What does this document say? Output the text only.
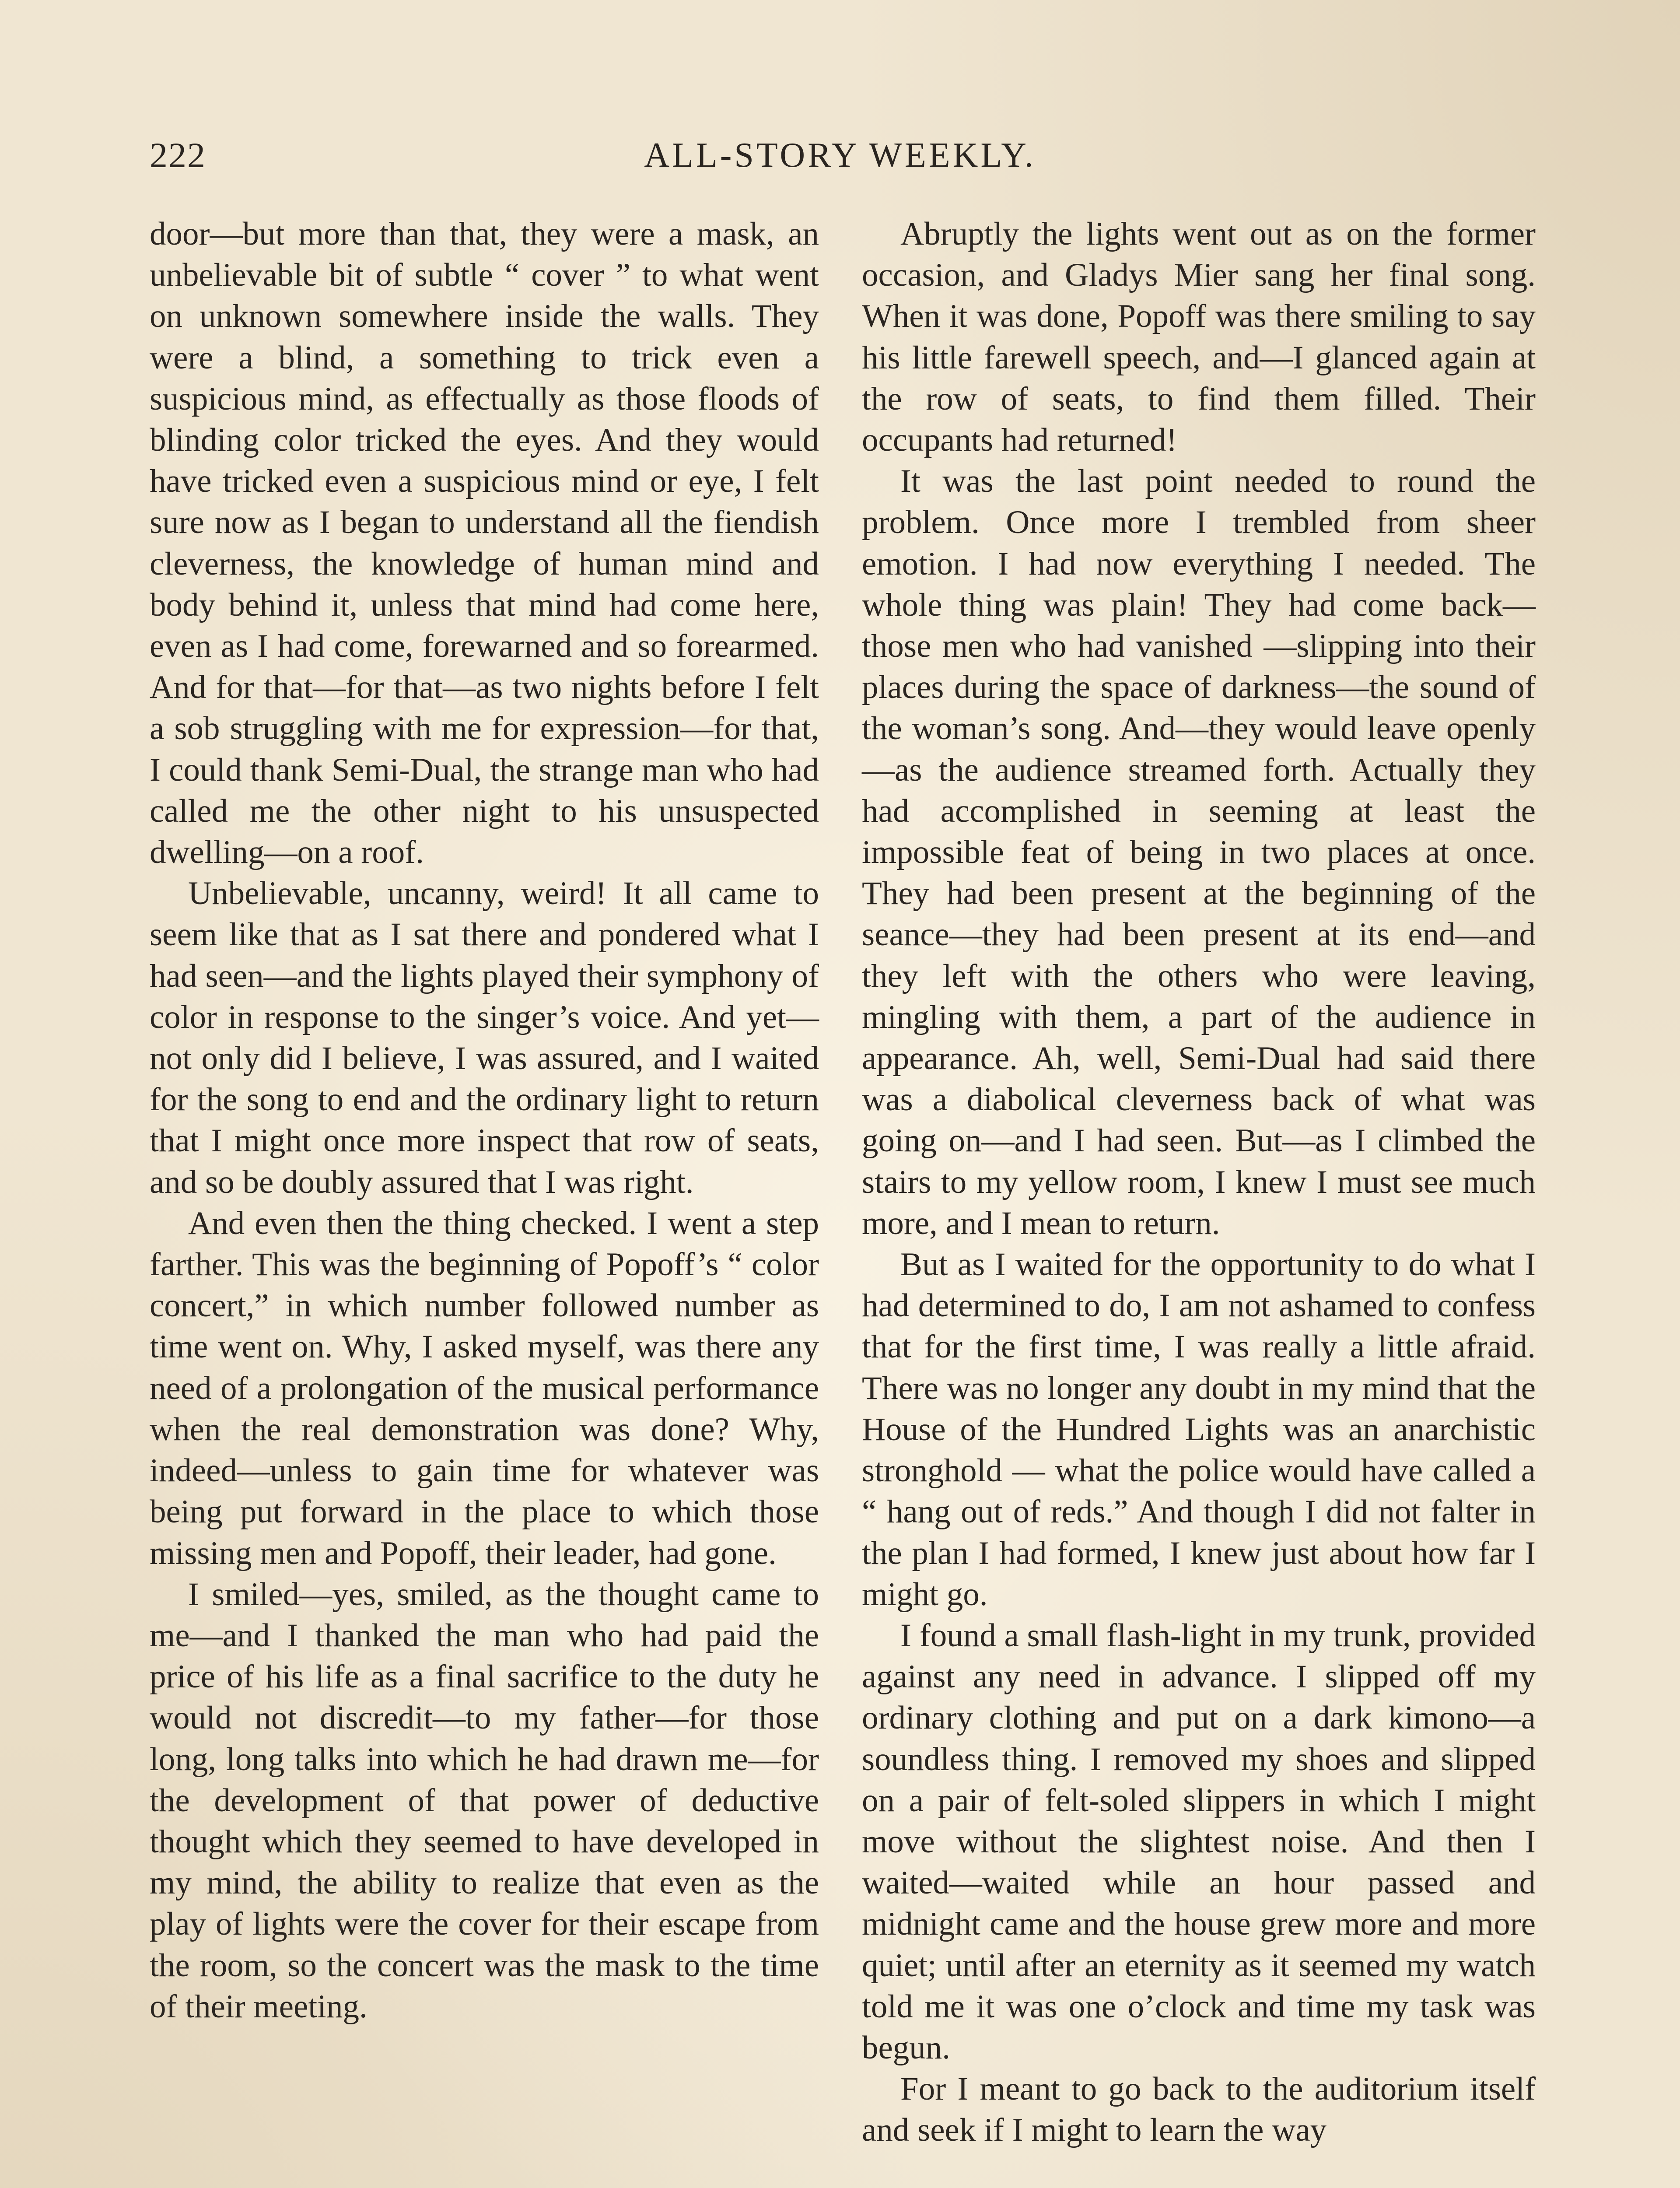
222	ALL-STORY WEEKLY.

door—but more than that, they were a mask, an unbelievable bit of subtle “ cover ” to what went on unknown somewhere inside the walls. They were a blind, a something to trick even a suspicious mind, as effectually as those floods of blinding color tricked the eyes. And they would have tricked even a suspicious mind or eye, I felt sure now as I began to understand all the fiendish cleverness, the knowledge of human mind and body behind it, unless that mind had come here, even as I had come, forewarned and so forearmed. And for that—for that—as two nights before I felt a sob struggling with me for expression—for that, I could thank Semi-Dual, the strange man who had called me the other night to his unsuspected dwelling—on a roof.

Unbelievable, uncanny, weird! It all came to seem like that as I sat there and pondered what I had seen—and the lights played their symphony of color in response to the singer’s voice. And yet—not only did I believe, I was assured, and I waited for the song to end and the ordinary light to return that I might once more inspect that row of seats, and so be doubly assured that I was right.

And even then the thing checked. I went a step farther. This was the beginning of Popoff’s “ color concert,” in which number followed number as time went on. Why, I asked myself, was there any need of a prolongation of the musical performance when the real demonstration was done? Why, indeed—unless to gain time for whatever was being put forward in the place to which those missing men and Popoff, their leader, had gone.

I smiled—yes, smiled, as the thought came to me—and I thanked the man who had paid the price of his life as a final sacrifice to the duty he would not discredit—to my father—for those long, long talks into which he had drawn me—for the development of that power of deductive thought which they seemed to have developed in my mind, the ability to realize that even as the play of lights were the cover for their escape from the room, so the concert was the mask to the time of their meeting.

Abruptly the lights went out as on the former occasion, and Gladys Mier sang her final song. When it was done, Popoff was there smiling to say his little farewell speech, and—I glanced again at the row of seats, to find them filled. Their occupants had returned!

It was the last point needed to round the problem. Once more I trembled from sheer emotion. I had now everything I needed. The whole thing was plain! They had come back—those men who had vanished —slipping into their places during the space of darkness—the sound of the woman’s song. And—they would leave openly—as the audience streamed forth. Actually they had accomplished in seeming at least the impossible feat of being in two places at once. They had been present at the beginning of the seance—they had been present at its end—and they left with the others who were leaving, mingling with them, a part of the audience in appearance. Ah, well, Semi-Dual had said there was a diabolical cleverness back of what was going on—and I had seen. But—as I climbed the stairs to my yellow room, I knew I must see much more, and I mean to return.

But as I waited for the opportunity to do what I had determined to do, I am not ashamed to confess that for the first time, I was really a little afraid. There was no longer any doubt in my mind that the House of the Hundred Lights was an anarchistic stronghold — what the police would have called a “ hang out of reds.” And though I did not falter in the plan I had formed, I knew just about how far I might go.

I found a small flash-light in my trunk, provided against any need in advance. I slipped off my ordinary clothing and put on a dark kimono—a soundless thing. I removed my shoes and slipped on a pair of felt-soled slippers in which I might move without the slightest noise. And then I waited—waited while an hour passed and midnight came and the house grew more and more quiet; until after an eternity as it seemed my watch told me it was one o’clock and time my task was begun.

For I meant to go back to the auditorium itself and seek if I might to learn the way
